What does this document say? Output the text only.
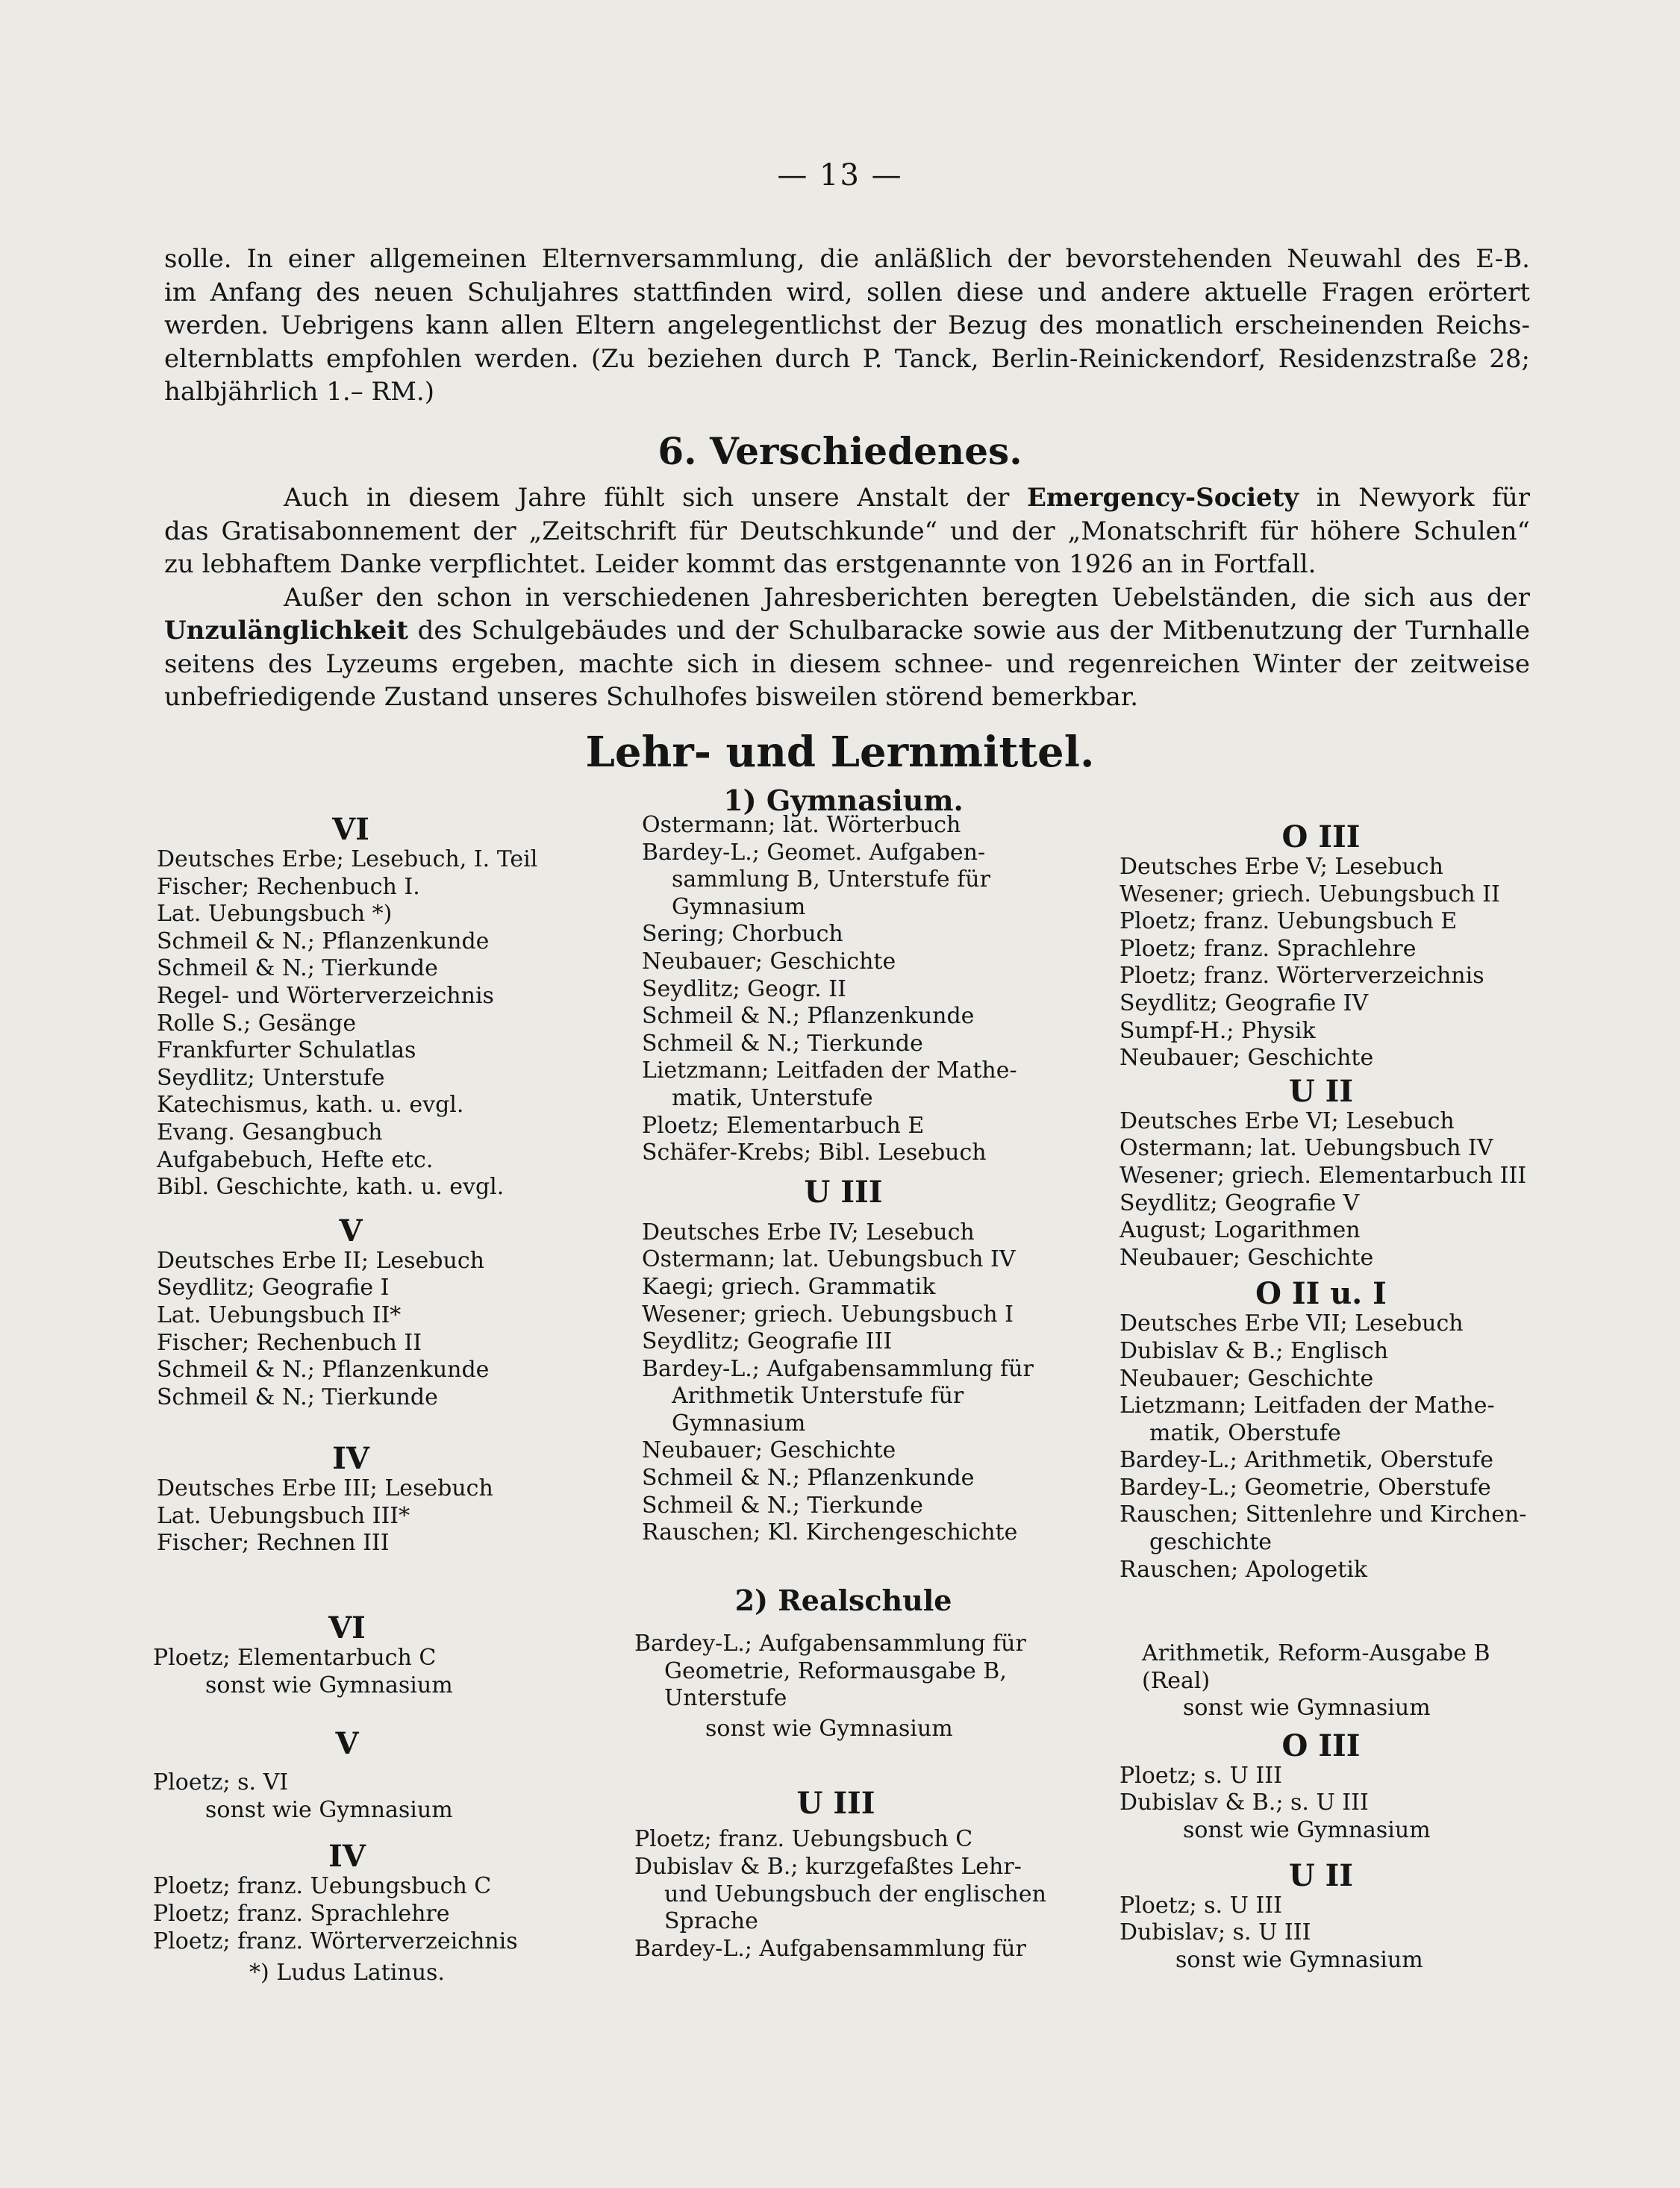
— 13 —
solle. In einer allgemeinen Elternversammlung, die anläßlich der bevorstehenden Neuwahl des E-B.
im Anfang des neuen Schuljahres stattfinden wird, sollen diese und andere aktuelle Fragen erörtert
werden. Uebrigens kann allen Eltern angelegentlichst der Bezug des monatlich erscheinenden Reichs-
elternblatts empfohlen werden. (Zu beziehen durch P. Tanck, Berlin-Reinickendorf, Residenzstraße 28;
halbjährlich 1.– RM.)
6. Verschiedenes.
Auch in diesem Jahre fühlt sich unsere Anstalt der Emergency-Society in Newyork für
das Gratisabonnement der „Zeitschrift für Deutschkunde“ und der „Monatschrift für höhere Schulen“
zu lebhaftem Danke verpflichtet. Leider kommt das erstgenannte von 1926 an in Fortfall.
Außer den schon in verschiedenen Jahresberichten beregten Uebelständen, die sich aus der
Unzulänglichkeit des Schulgebäudes und der Schulbaracke sowie aus der Mitbenutzung der Turnhalle
seitens des Lyzeums ergeben, machte sich in diesem schnee- und regenreichen Winter der zeitweise
unbefriedigende Zustand unseres Schulhofes bisweilen störend bemerkbar.
Lehr- und Lernmittel.
1) Gymnasium.
VI
Deutsches Erbe; Lesebuch, I. Teil
Fischer; Rechenbuch I.
Lat. Uebungsbuch *)
Schmeil & N.; Pflanzenkunde
Schmeil & N.; Tierkunde
Regel- und Wörterverzeichnis
Rolle S.; Gesänge
Frankfurter Schulatlas
Seydlitz; Unterstufe
Katechismus, kath. u. evgl.
Evang. Gesangbuch
Aufgabebuch, Hefte etc.
Bibl. Geschichte, kath. u. evgl.
V
Deutsches Erbe II; Lesebuch
Seydlitz; Geografie I
Lat. Uebungsbuch II*
Fischer; Rechenbuch II
Schmeil & N.; Pflanzenkunde
Schmeil & N.; Tierkunde
IV
Deutsches Erbe III; Lesebuch
Lat. Uebungsbuch III*
Fischer; Rechnen III
Ostermann; lat. Wörterbuch
Bardey-L.; Geomet. Aufgaben-
sammlung B, Unterstufe für
Gymnasium
Sering; Chorbuch
Neubauer; Geschichte
Seydlitz; Geogr. II
Schmeil & N.; Pflanzenkunde
Schmeil & N.; Tierkunde
Lietzmann; Leitfaden der Mathe-
matik, Unterstufe
Ploetz; Elementarbuch E
Schäfer-Krebs; Bibl. Lesebuch
U III
Deutsches Erbe IV; Lesebuch
Ostermann; lat. Uebungsbuch IV
Kaegi; griech. Grammatik
Wesener; griech. Uebungsbuch I
Seydlitz; Geografie III
Bardey-L.; Aufgabensammlung für
Arithmetik Unterstufe für
Gymnasium
Neubauer; Geschichte
Schmeil & N.; Pflanzenkunde
Schmeil & N.; Tierkunde
Rauschen; Kl. Kirchengeschichte
O III
Deutsches Erbe V; Lesebuch
Wesener; griech. Uebungsbuch II
Ploetz; franz. Uebungsbuch E
Ploetz; franz. Sprachlehre
Ploetz; franz. Wörterverzeichnis
Seydlitz; Geografie IV
Sumpf-H.; Physik
Neubauer; Geschichte
U II
Deutsches Erbe VI; Lesebuch
Ostermann; lat. Uebungsbuch IV
Wesener; griech. Elementarbuch III
Seydlitz; Geografie V
August; Logarithmen
Neubauer; Geschichte
O II u. I
Deutsches Erbe VII; Lesebuch
Dubislav & B.; Englisch
Neubauer; Geschichte
Lietzmann; Leitfaden der Mathe-
matik, Oberstufe
Bardey-L.; Arithmetik, Oberstufe
Bardey-L.; Geometrie, Oberstufe
Rauschen; Sittenlehre und Kirchen-
geschichte
Rauschen; Apologetik
2) Realschule
VI
Ploetz; Elementarbuch C
sonst wie Gymnasium
V
Ploetz; s. VI
sonst wie Gymnasium
IV
Ploetz; franz. Uebungsbuch C
Ploetz; franz. Sprachlehre
Ploetz; franz. Wörterverzeichnis
*) Ludus Latinus.
Bardey-L.; Aufgabensammlung für
Geometrie, Reformausgabe B,
Unterstufe
sonst wie Gymnasium
U III
Ploetz; franz. Uebungsbuch C
Dubislav & B.; kurzgefaßtes Lehr-
und Uebungsbuch der englischen
Sprache
Bardey-L.; Aufgabensammlung für
Arithmetik, Reform-Ausgabe B
(Real)
sonst wie Gymnasium
O III
Ploetz; s. U III
Dubislav & B.; s. U III
sonst wie Gymnasium
U II
Ploetz; s. U III
Dubislav; s. U III
sonst wie Gymnasium
